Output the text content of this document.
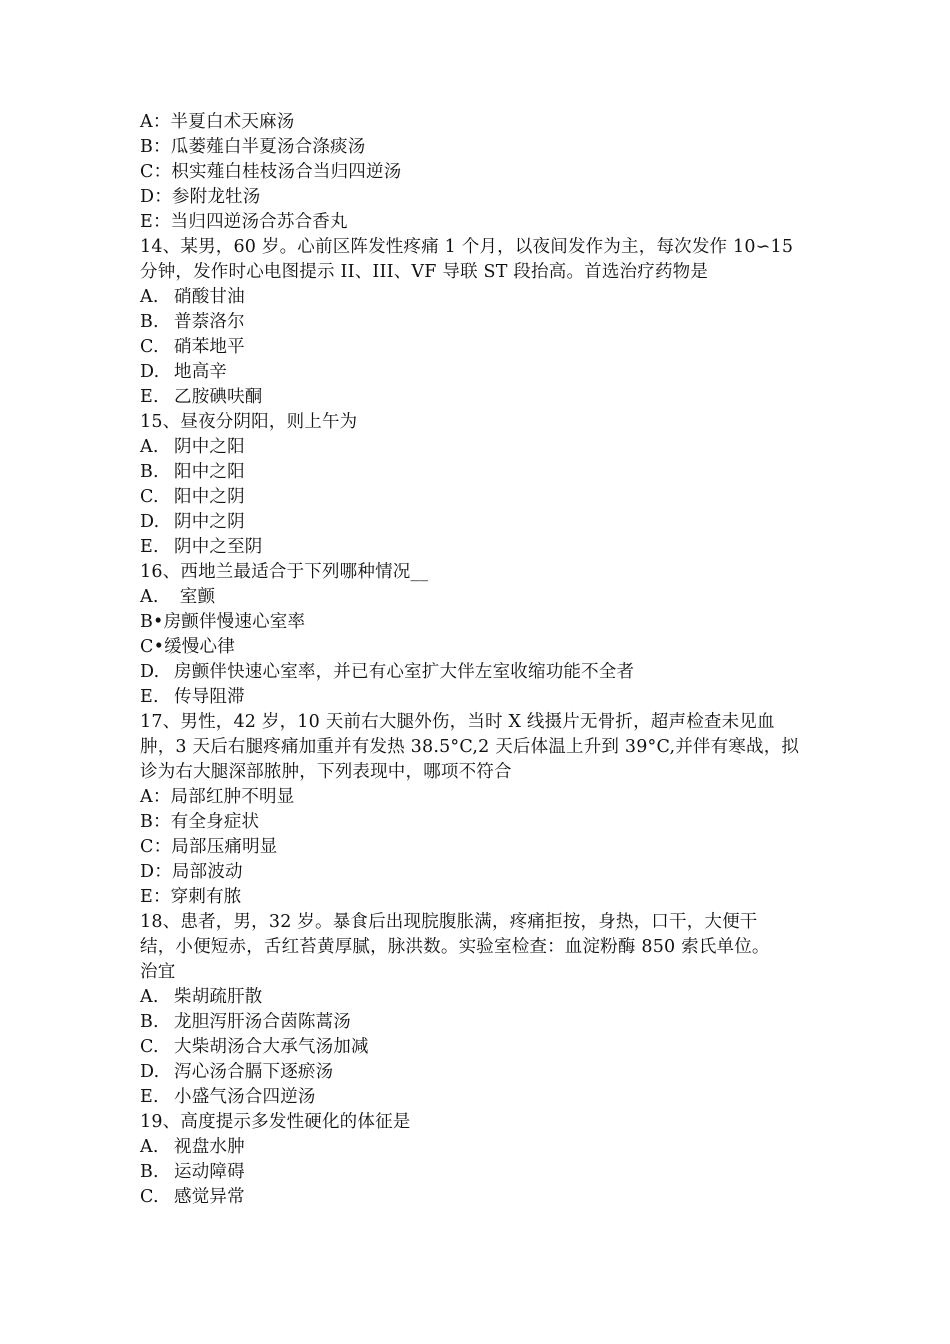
A：半夏白术天麻汤
B：瓜蒌薤白半夏汤合涤痰汤
C：枳实薤白桂枝汤合当归四逆汤
D：参附龙牡汤
E：当归四逆汤合苏合香丸
14、某男，60 岁。心前区阵发性疼痛 1 个月，以夜间发作为主，每次发作 10∽15
分钟，发作时心电图提示 II、III、VF 导联 ST 段抬高。首选治疗药物是
A. 硝酸甘油
B. 普萘洛尔
C. 硝苯地平
D. 地高辛
E. 乙胺碘呋酮
15、昼夜分阴阳，则上午为
A. 阴中之阳
B. 阳中之阳
C. 阳中之阴
D. 阴中之阴
E. 阴中之至阴
16、西地兰最适合于下列哪种情况__
A. 室颤
B•房颤伴慢速心室率
C•缓慢心律
D. 房颤伴快速心室率，并已有心室扩大伴左室收缩功能不全者
E. 传导阻滞
17、男性，42 岁，10 天前右大腿外伤，当时 X 线摄片无骨折，超声检查未见血
肿，3 天后右腿疼痛加重并有发热 38.5°C,2 天后体温上升到 39°C,并伴有寒战，拟
诊为右大腿深部脓肿，下列表现中，哪项不符合
A：局部红肿不明显
B：有全身症状
C：局部压痛明显
D：局部波动
E：穿刺有脓
18、患者，男，32 岁。暴食后出现脘腹胀满，疼痛拒按，身热，口干，大便干
结，小便短赤，舌红苔黄厚腻，脉洪数。实验室检查：血淀粉酶 850 索氏单位。
治宜
A. 柴胡疏肝散
B. 龙胆泻肝汤合茵陈蒿汤
C. 大柴胡汤合大承气汤加减
D. 泻心汤合膈下逐瘀汤
E. 小盛气汤合四逆汤
19、高度提示多发性硬化的体征是
A. 视盘水肿
B. 运动障碍
C. 感觉异常
